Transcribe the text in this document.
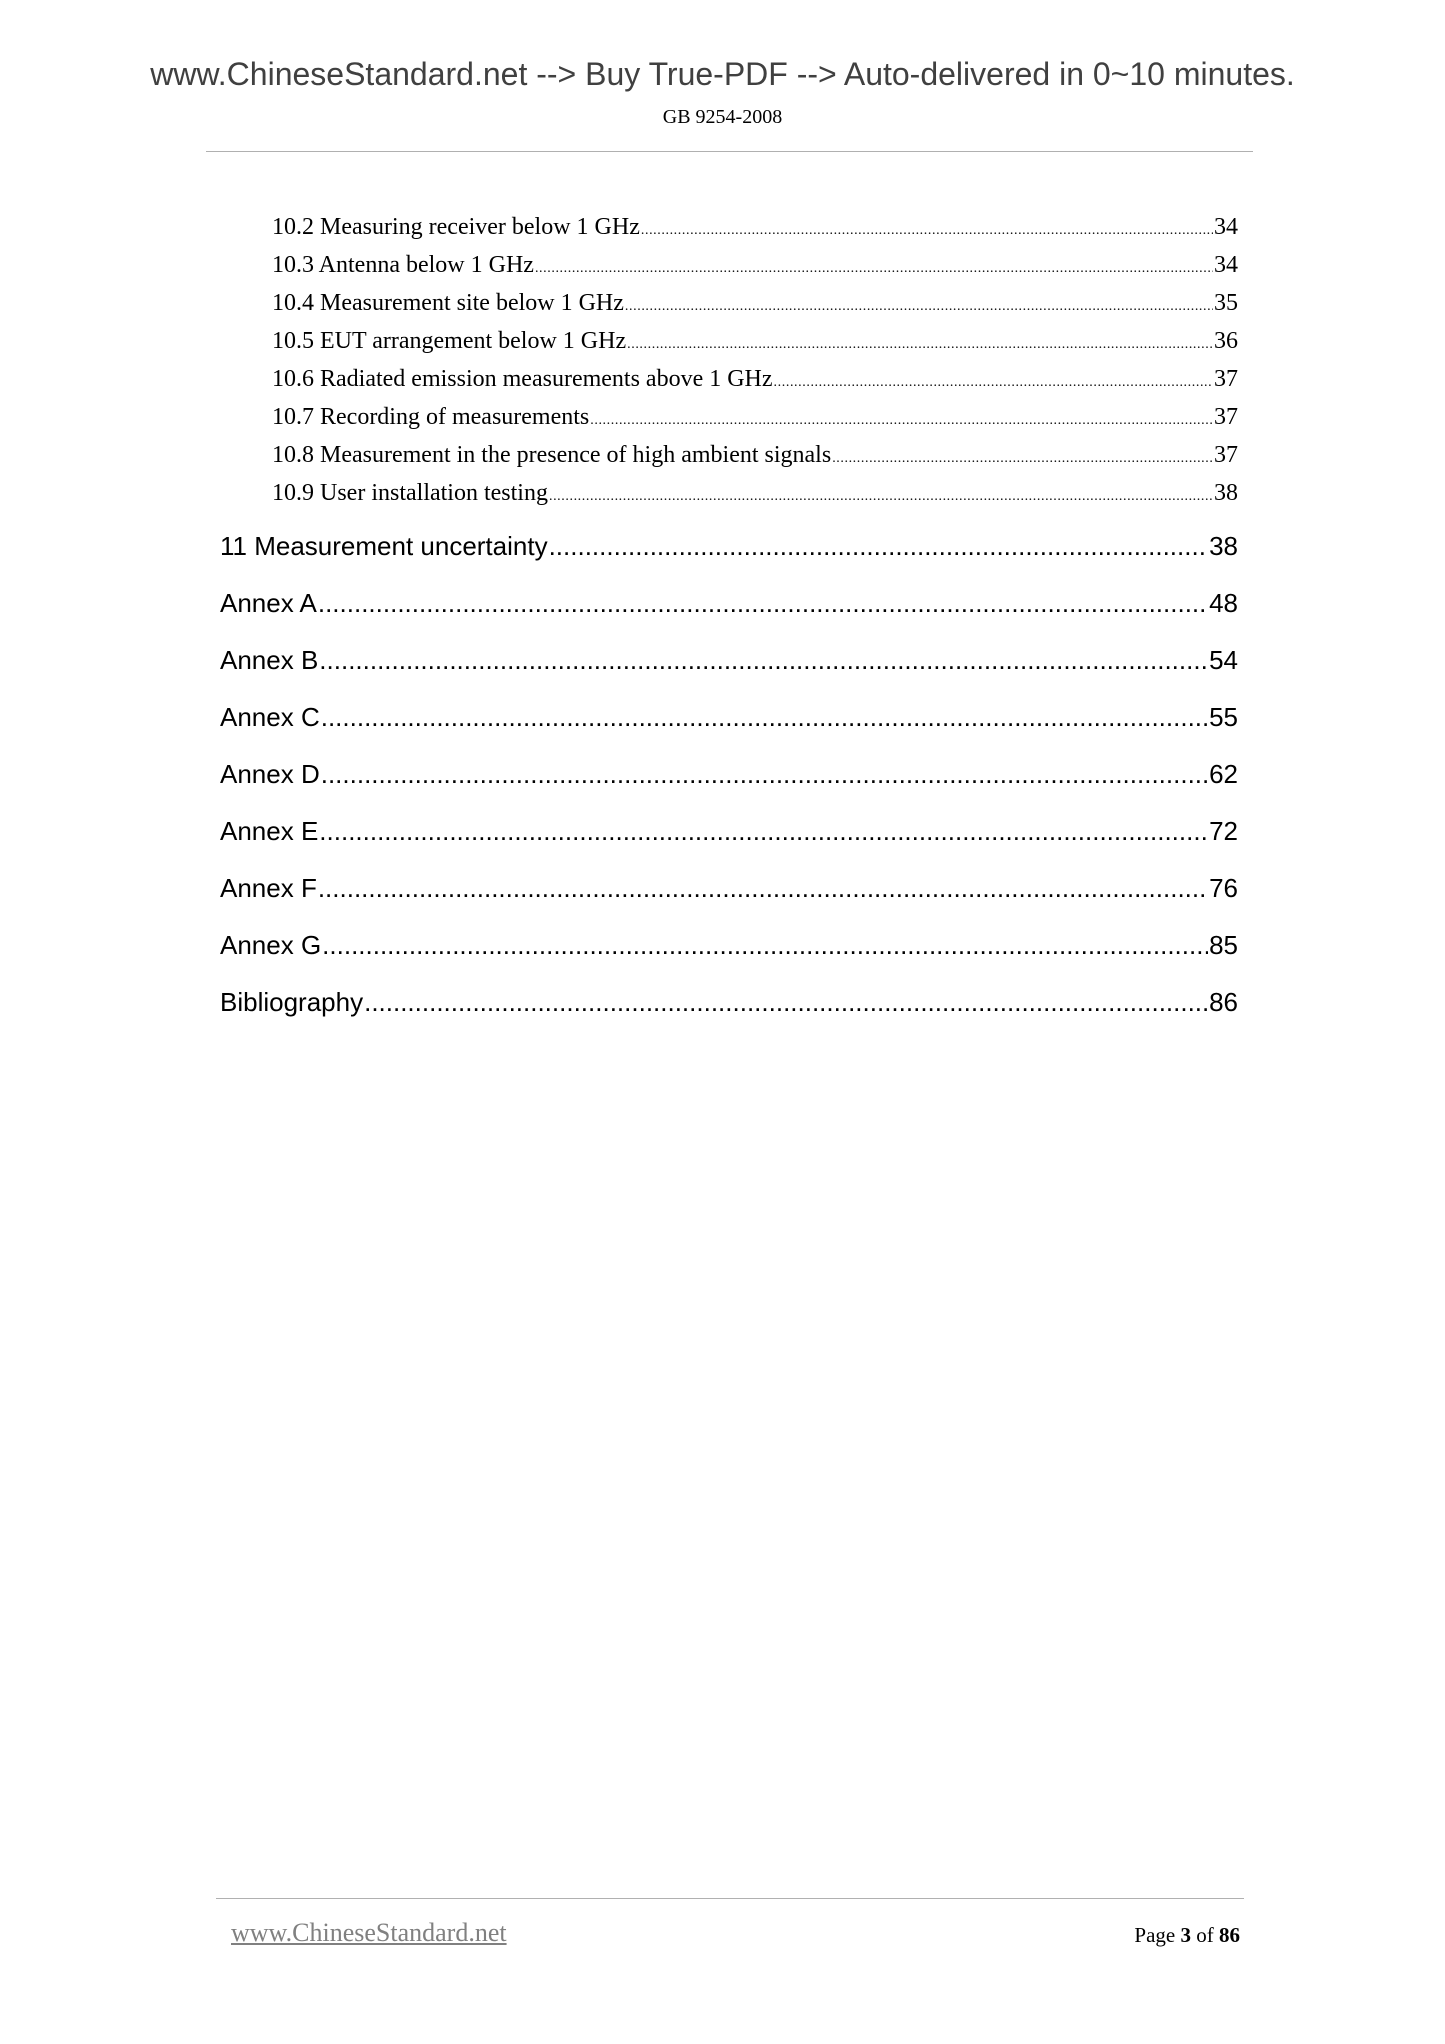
www.ChineseStandard.net --> Buy True-PDF --> Auto-delivered in 0~10 minutes.
GB 9254-2008
10.2 Measuring receiver below 1 GHz .....	34
10.3 Antenna below 1 GHz .....	34
10.4 Measurement site below 1 GHz .....	35
10.5 EUT arrangement below 1 GHz .....	36
10.6 Radiated emission measurements above 1 GHz .....	37
10.7 Recording of measurements .....	37
10.8 Measurement in the presence of high ambient signals .....	37
10.9 User installation testing .....	38
11 Measurement uncertainty .....	38
Annex A .....	48
Annex B .....	54
Annex C .....	55
Annex D .....	62
Annex E .....	72
Annex F .....	76
Annex G .....	85
Bibliography .....	86
www.ChineseStandard.net	Page 3 of 86
